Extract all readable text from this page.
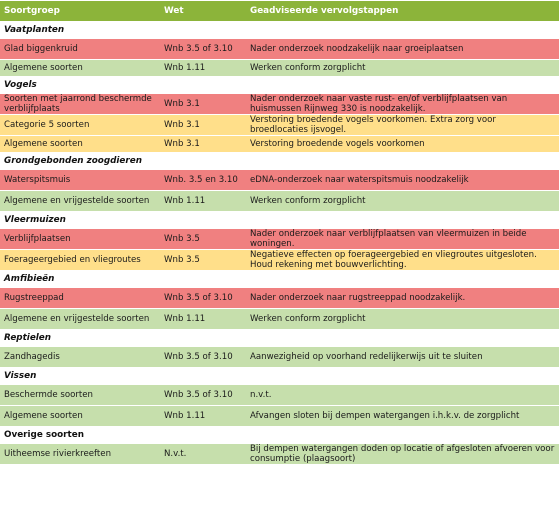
Soortgroep	Wet	Geadviseerde vervolgstappen
Vaatplanten		
Glad biggenkruid	Wnb 3.5 of 3.10	Nader onderzoek noodzakelijk naar groeiplaatsen
Algemene soorten	Wnb 1.11	Werken conform zorgplicht
Vogels		
Soorten met jaarrond beschermde verblijfplaats	Wnb 3.1	Nader onderzoek naar vaste rust- en/of verblijfplaatsen van huismussen Rijnweg 330 is noodzakelijk.
Categorie 5 soorten	Wnb 3.1	Verstoring broedende vogels voorkomen. Extra zorg voor broedlocaties ijsvogel.
Algemene soorten	Wnb 3.1	Verstoring broedende vogels voorkomen
Grondgebonden zoogdieren		
Waterspitsmuis	Wnb. 3.5 en 3.10	eDNA-onderzoek naar waterspitsmuis noodzakelijk
Algemene en vrijgestelde soorten	Wnb 1.11	Werken conform zorgplicht
Vleermuizen		
Verblijfplaatsen	Wnb 3.5	Nader onderzoek naar verblijfplaatsen van vleermuizen in beide woningen.
Foerageergebied en vliegroutes	Wnb 3.5	Negatieve effecten op foerageergebied en vliegroutes uitgesloten. Houd rekening met bouwverlichting.
Amfibieën		
Rugstreeppad	Wnb 3.5 of 3.10	Nader onderzoek naar rugstreeppad noodzakelijk.
Algemene en vrijgestelde soorten	Wnb 1.11	Werken conform zorgplicht
Reptielen		
Zandhagedis	Wnb 3.5 of 3.10	Aanwezigheid op voorhand redelijkerwijs uit te sluiten
Vissen		
Beschermde soorten	Wnb 3.5 of 3.10	n.v.t.
Algemene soorten	Wnb 1.11	Afvangen sloten bij dempen watergangen i.h.k.v. de zorgplicht
Overige soorten		
Uitheemse rivierkreeften	N.v.t.	Bij dempen watergangen doden op locatie of afgesloten afvoeren voor consumptie (plaagsoort)
